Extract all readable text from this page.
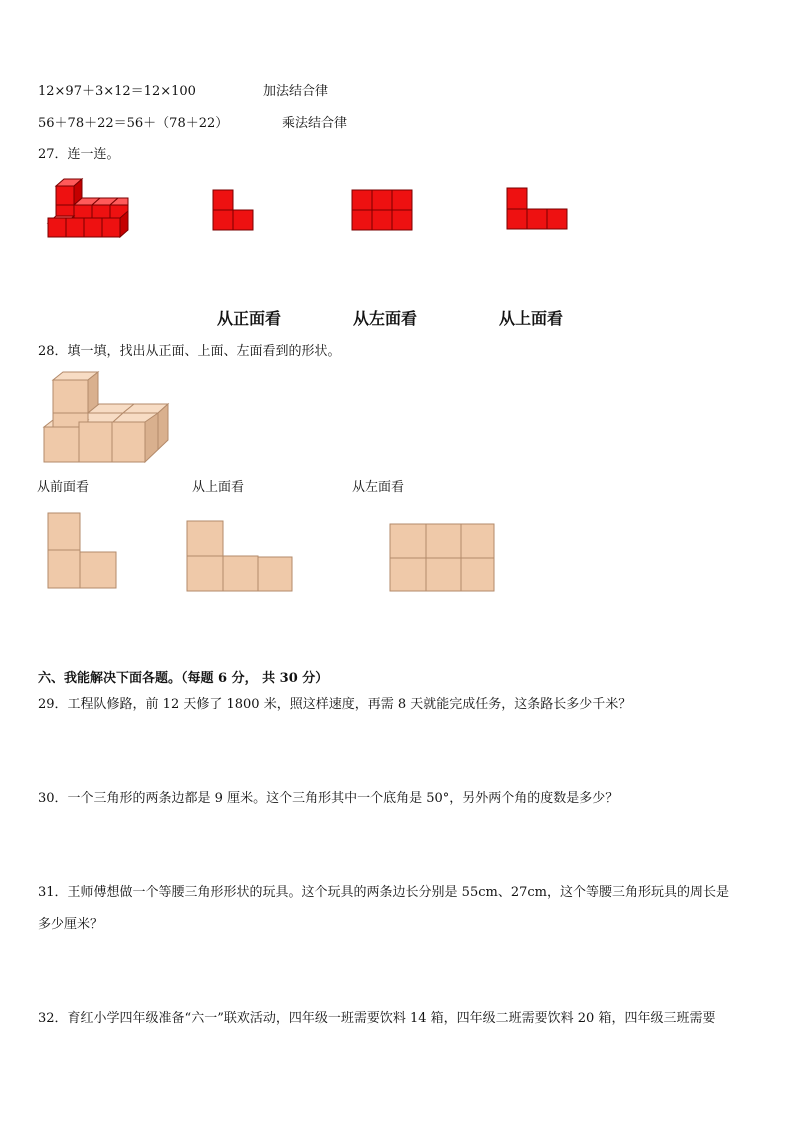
12×97＋3×12＝12×100	加法结合律
56＋78＋22＝56＋（78＋22）	乘法结合律
27．连一连。
从正面看	从左面看	从上面看
28．填一填，找出从正面、上面、左面看到的形状。
从前面看	从上面看	从左面看
六、我能解决下面各题。（每题 6 分， 共 30 分）
29．工程队修路，前 12 天修了 1800 米，照这样速度，再需 8 天就能完成任务，这条路长多少千米？
30．一个三角形的两条边都是 9 厘米。这个三角形其中一个底角是 50°，另外两个角的度数是多少？
31．王师傅想做一个等腰三角形形状的玩具。这个玩具的两条边长分别是 55cm、27cm，这个等腰三角形玩具的周长是
多少厘米？
32．育红小学四年级准备“六一”联欢活动，四年级一班需要饮料 14 箱，四年级二班需要饮料 20 箱，四年级三班需要
